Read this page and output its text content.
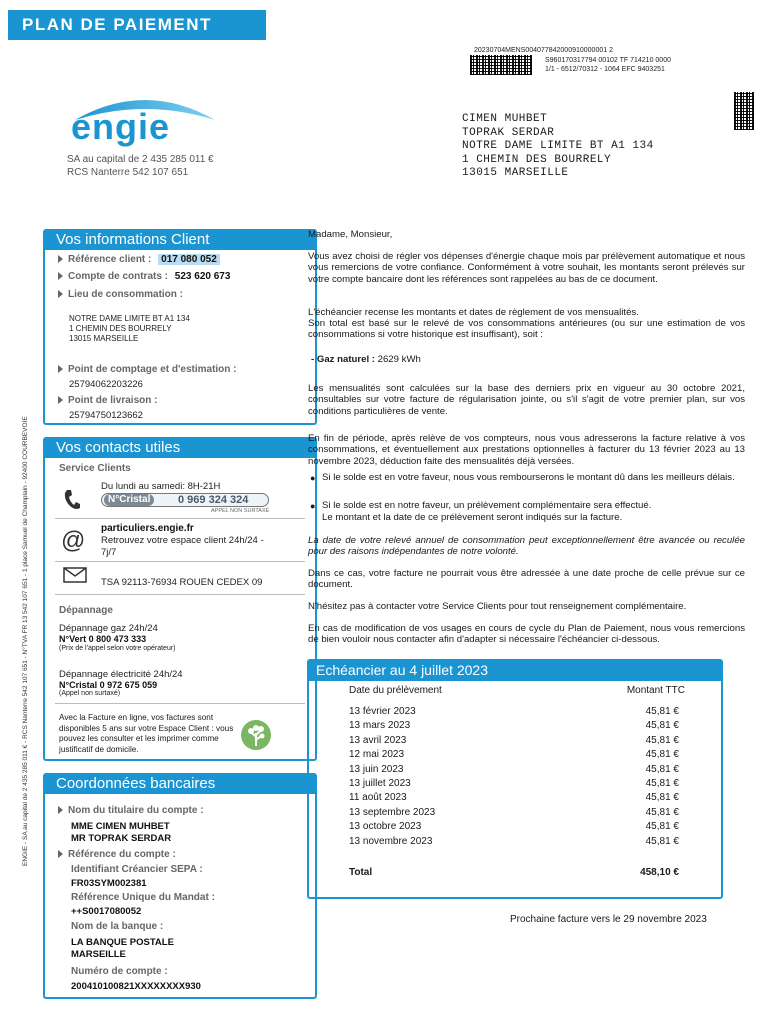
PLAN DE PAIEMENT
20230704MENS004077842000910000001 2
S960170317794 00102 TF 714210 0000
1/1 - 6512/70312 - 1064 EFC 9403251
CIMEN MUHBET
TOPRAK SERDAR
NOTRE DAME LIMITE BT A1 134
1 CHEMIN DES BOURRELY
13015 MARSEILLE
engie
SA au capital de 2 435 285 011 €
RCS Nanterre 542 107 651
ENGIE - SA au capital de 2 435 285 011 € - RCS Nanterre 542 107 651 - N°TVA FR 13 542 107 651 - 1 place Samuel de Champlain - 92400 COURBEVOIE
Vos informations Client
Référence client : 017 080 052
Compte de contrats : 523 620 673
Lieu de consommation :
NOTRE DAME LIMITE BT A1 134
1 CHEMIN DES BOURRELY
13015 MARSEILLE
Point de comptage et d'estimation :
25794062203226
Point de livraison :
25794750123662
Vos contacts utiles
Service Clients
Du lundi au samedi: 8H-21H
N°Cristal	0 969 324 324
APPEL NON SURTAXÉ
@ particuliers.engie.fr
Retrouvez votre espace client 24h/24 - 7j/7
TSA 92113-76934 ROUEN CEDEX 09
Dépannage
Dépannage gaz 24h/24
N°Vert 0 800 473 333
(Prix de l'appel selon votre opérateur)
Dépannage électricité 24h/24
N°Cristal 0 972 675 059
(Appel non surtaxé)
Avec la Facture en ligne, vos factures sont disponibles 5 ans sur votre Espace Client : vous pouvez les consulter et les imprimer comme justificatif de domicile.
Coordonnées bancaires
Nom du titulaire du compte :
MME CIMEN MUHBET
MR TOPRAK SERDAR
Référence du compte :
Identifiant Créancier SEPA :
FR03SYM002381
Référence Unique du Mandat :
++S0017080052
Nom de la banque :
LA BANQUE POSTALE
MARSEILLE
Numéro de compte :
200410100821XXXXXXXX930
Madame, Monsieur,
Vous avez choisi de régler vos dépenses d'énergie chaque mois par prélèvement automatique et nous vous remercions de votre confiance. Conformément à votre souhait, les montants seront prélevés sur votre compte bancaire dont les références sont rappelées au bas de ce document.
L'échéancier recense les montants et dates de règlement de vos mensualités.
Son total est basé sur le relevé de vos consommations antérieures (ou sur une estimation de vos consommations si votre historique est insuffisant), soit :
- Gaz naturel : 2629 kWh
Les mensualités sont calculées sur la base des derniers prix en vigueur au 30 octobre 2021, consultables sur votre facture de régularisation jointe, ou s'il s'agit de votre premier plan, sur vos conditions particulières de vente.
En fin de période, après relève de vos compteurs, nous vous adresserons la facture relative à vos consommations, et éventuellement aux prestations optionnelles à facturer du 13 février 2023 au 13 novembre 2023, déduction faite des mensualités déjà versées.
● Si le solde est en votre faveur, nous vous rembourserons le montant dû dans les meilleurs délais.
● Si le solde est en notre faveur, un prélèvement complémentaire sera effectué.
Le montant et la date de ce prélèvement seront indiqués sur la facture.
La date de votre relevé annuel de consommation peut exceptionnellement être avancée ou reculée pour des raisons indépendantes de notre volonté.
Dans ce cas, votre facture ne pourrait vous être adressée à une date proche de celle prévue sur ce document.
N'hésitez pas à contacter votre Service Clients pour tout renseignement complémentaire.
En cas de modification de vos usages en cours de cycle du Plan de Paiement, nous vous remercions de bien vouloir nous contacter afin d'adapter si nécessaire l'échéancier ci-dessous.
Echéancier au 4 juillet 2023
Date du prélèvement	Montant TTC
13 février 2023	45,81 €
13 mars 2023	45,81 €
13 avril 2023	45,81 €
12 mai 2023	45,81 €
13 juin 2023	45,81 €
13 juillet 2023	45,81 €
11 août 2023	45,81 €
13 septembre 2023	45,81 €
13 octobre 2023	45,81 €
13 novembre 2023	45,81 €
Total	458,10 €
Prochaine facture vers le 29 novembre 2023
